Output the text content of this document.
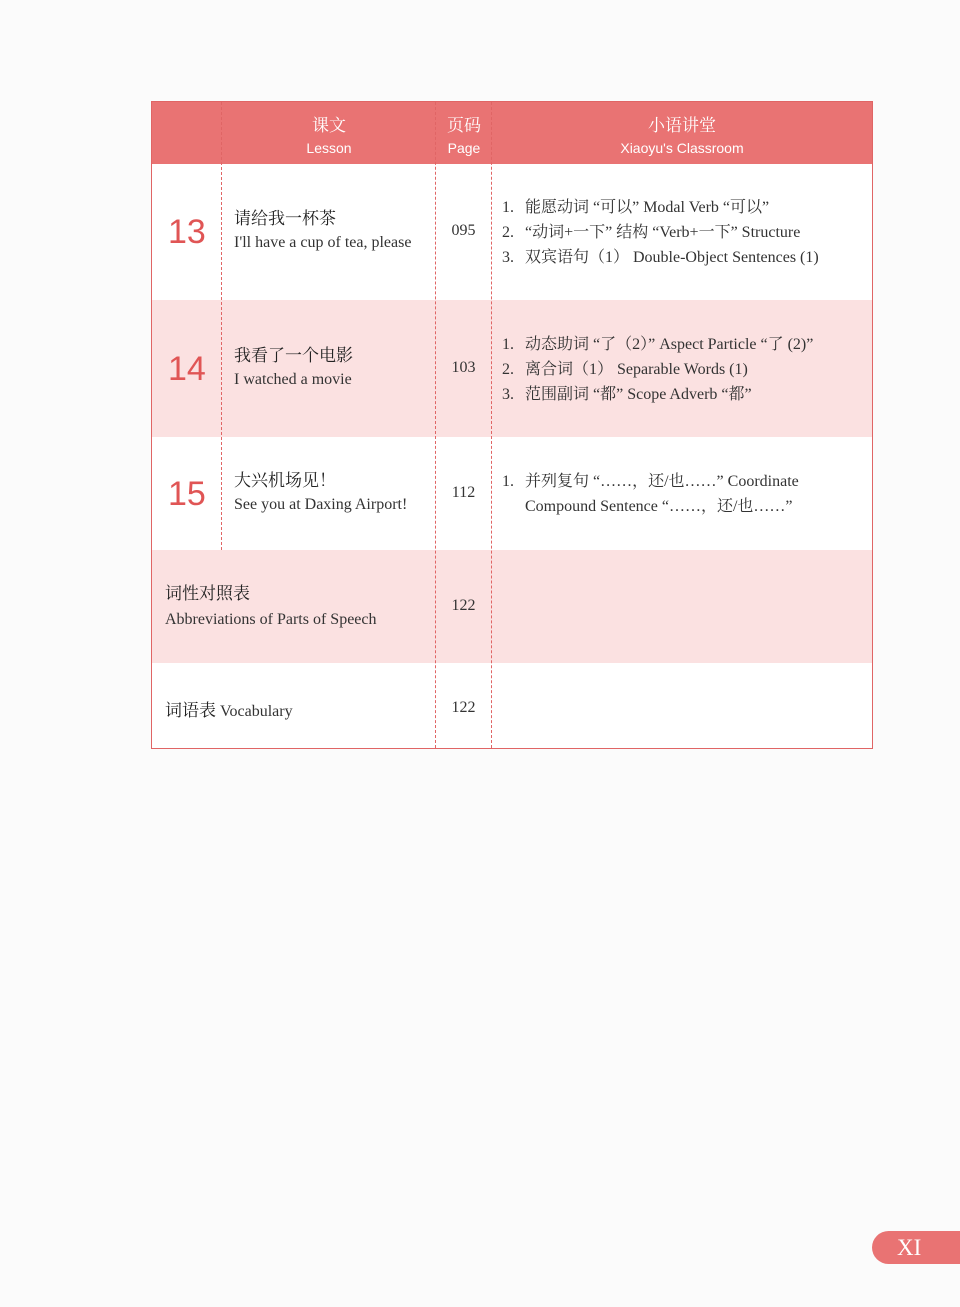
课文
Lesson
页码
Page
小语讲堂
Xiaoyu's Classroom
13 请给我一杯茶
I'll have a cup of tea, please
095
1. 能愿动词 “可以” Modal Verb “可以”
2. “动词+一下” 结构 “Verb+一下” Structure
3. 双宾语句（1） Double-Object Sentences (1)
14 我看了一个电影
I watched a movie
103
1. 动态助词 “了（2）” Aspect Particle “了 (2)”
2. 离合词（1） Separable Words (1)
3. 范围副词 “都” Scope Adverb “都”
15 大兴机场见！
See you at Daxing Airport!
112
1. 并列复句 “……，还/也……” Coordinate
Compound Sentence “……，还/也……”
词性对照表
Abbreviations of Parts of Speech
122
词语表 Vocabulary	122
XI
